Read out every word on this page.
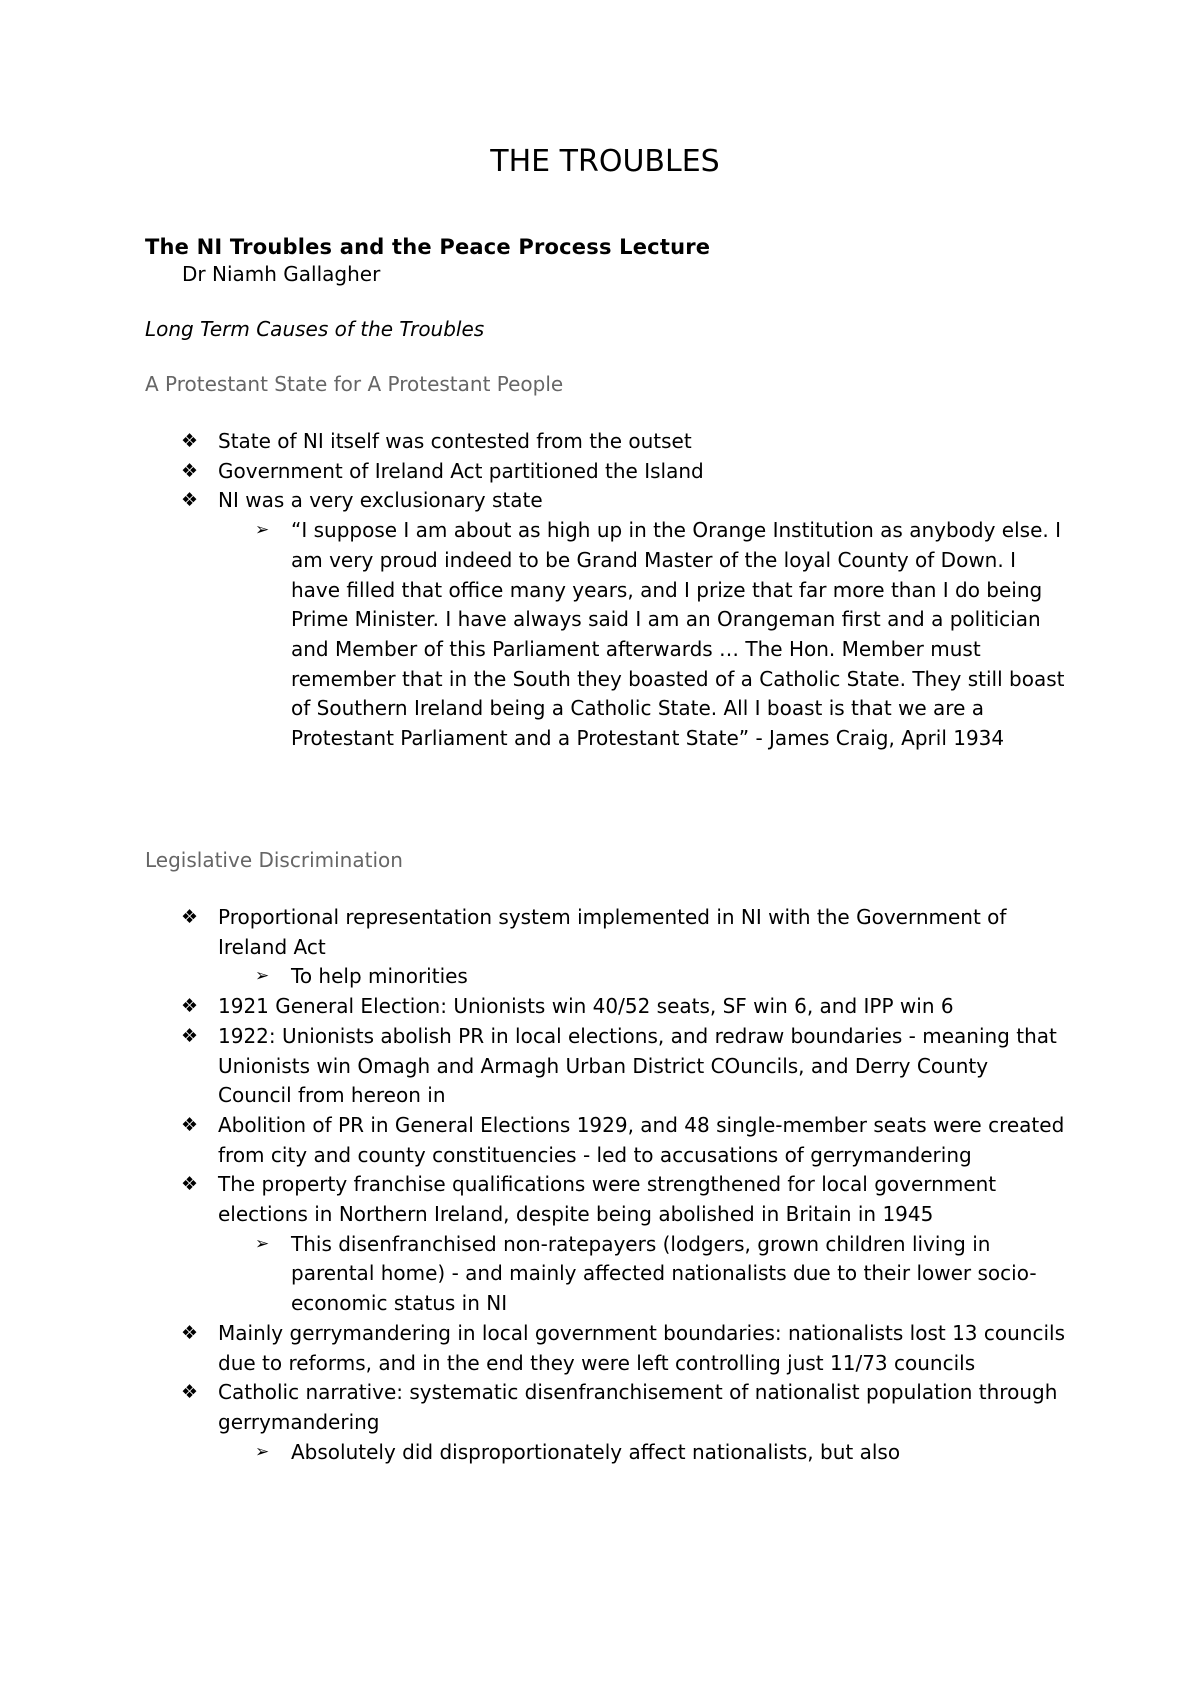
THE TROUBLES

The NI Troubles and the Peace Process Lecture

Dr Niamh Gallagher

Long Term Causes of the Troubles

A Protestant State for A Protestant People

❖ State of NI itself was contested from the outset
❖ Government of Ireland Act partitioned the Island
❖ NI was a very exclusionary state
➢ “I suppose I am about as high up in the Orange Institution as anybody else. I am very proud indeed to be Grand Master of the loyal County of Down. I have filled that office many years, and I prize that far more than I do being Prime Minister. I have always said I am an Orangeman first and a politician and Member of this Parliament afterwards … The Hon. Member must remember that in the South they boasted of a Catholic State. They still boast of Southern Ireland being a Catholic State. All I boast is that we are a Protestant Parliament and a Protestant State” - James Craig, April 1934

Legislative Discrimination

❖ Proportional representation system implemented in NI with the Government of Ireland Act
➢ To help minorities
❖ 1921 General Election: Unionists win 40/52 seats, SF win 6, and IPP win 6
❖ 1922: Unionists abolish PR in local elections, and redraw boundaries - meaning that Unionists win Omagh and Armagh Urban District COuncils, and Derry County Council from hereon in
❖ Abolition of PR in General Elections 1929, and 48 single-member seats were created from city and county constituencies - led to accusations of gerrymandering
❖ The property franchise qualifications were strengthened for local government elections in Northern Ireland, despite being abolished in Britain in 1945
➢ This disenfranchised non-ratepayers (lodgers, grown children living in parental home) - and mainly affected nationalists due to their lower socio-economic status in NI
❖ Mainly gerrymandering in local government boundaries: nationalists lost 13 councils due to reforms, and in the end they were left controlling just 11/73 councils
❖ Catholic narrative: systematic disenfranchisement of nationalist population through gerrymandering
➢ Absolutely did disproportionately affect nationalists, but also
